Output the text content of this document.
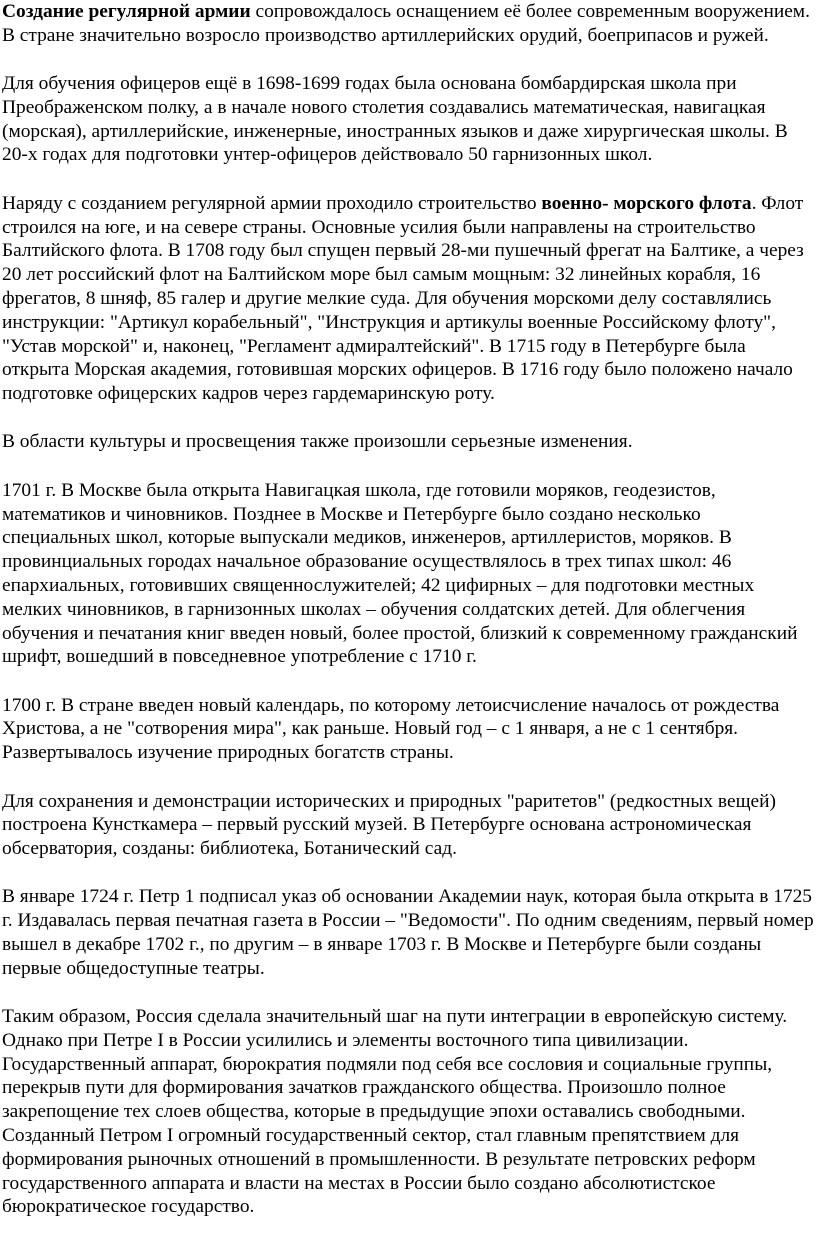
Создание регулярной армии сопровождалось оснащением её более современным вооружением. В стране значительно возросло производство артиллерийских орудий, боеприпасов и ружей.

Для обучения офицеров ещё в 1698-1699 годах была основана бомбардирская школа при Преображенском полку, а в начале нового столетия создавались математическая, навигацкая (морская), артиллерийские, инженерные, иностранных языков и даже хирургическая школы. В 20-х годах для подготовки унтер-офицеров действовало 50 гарнизонных школ.

Наряду с созданием регулярной армии проходило строительство военно- морского флота. Флот строился на юге, и на севере страны. Основные усилия были направлены на строительство Балтийского флота. В 1708 году был спущен первый 28-ми пушечный фрегат на Балтике, а через 20 лет российский флот на Балтийском море был самым мощным: 32 линейных корабля, 16 фрегатов, 8 шняф, 85 галер и другие мелкие суда. Для обучения морскоми делу составлялись инструкции: "Артикул корабельный", "Инструкция и артикулы военные Российскому флоту", "Устав морской" и, наконец, "Регламент адмиралтейский". В 1715 году в Петербурге была открыта Морская академия, готовившая морских офицеров. В 1716 году было положено начало подготовке офицерских кадров через гардемаринскую роту.

В области культуры и просвещения также произошли серьезные изменения.

1701 г. В Москве была открыта Навигацкая школа, где готовили моряков, геодезистов, математиков и чиновников. Позднее в Москве и Петербурге было создано несколько специальных школ, которые выпускали медиков, инженеров, артиллеристов, моряков. В провинциальных городах начальное образование осуществлялось в трех типах школ: 46 епархиальных, готовивших священнослужителей; 42 цифирных – для подготовки местных мелких чиновников, в гарнизонных школах – обучения солдатских детей. Для облегчения обучения и печатания книг введен новый, более простой, близкий к современному гражданский шрифт, вошедший в повседневное употребление с 1710 г.

1700 г. В стране введен новый календарь, по которому летоисчисление началось от рождества Христова, а не "сотворения мира", как раньше. Новый год – с 1 января, а не с 1 сентября. Развертывалось изучение природных богатств страны.

Для сохранения и демонстрации исторических и природных "раритетов" (редкостных вещей) построена Кунсткамера – первый русский музей. В Петербурге основана астрономическая обсерватория, созданы: библиотека, Ботанический сад.

В январе 1724 г. Петр 1 подписал указ об основании Академии наук, которая была открыта в 1725 г. Издавалась первая печатная газета в России – "Ведомости". По одним сведениям, первый номер вышел в декабре 1702 г., по другим – в январе 1703 г. В Москве и Петербурге были созданы первые общедоступные театры.

Таким образом, Россия сделала значительный шаг на пути интеграции в европейскую систему. Однако при Петре I в России усилились и элементы восточного типа цивилизации. Государственный аппарат, бюрократия подмяли под себя все сословия и социальные группы, перекрыв пути для формирования зачатков гражданского общества. Произошло полное закрепощение тех слоев общества, которые в предыдущие эпохи оставались свободными. Созданный Петром I огромный государственный сектор, стал главным препятствием для формирования рыночных отношений в промышленности. В результате петровских реформ государственного аппарата и власти на местах в России было создано абсолютистское бюрократическое государство.
